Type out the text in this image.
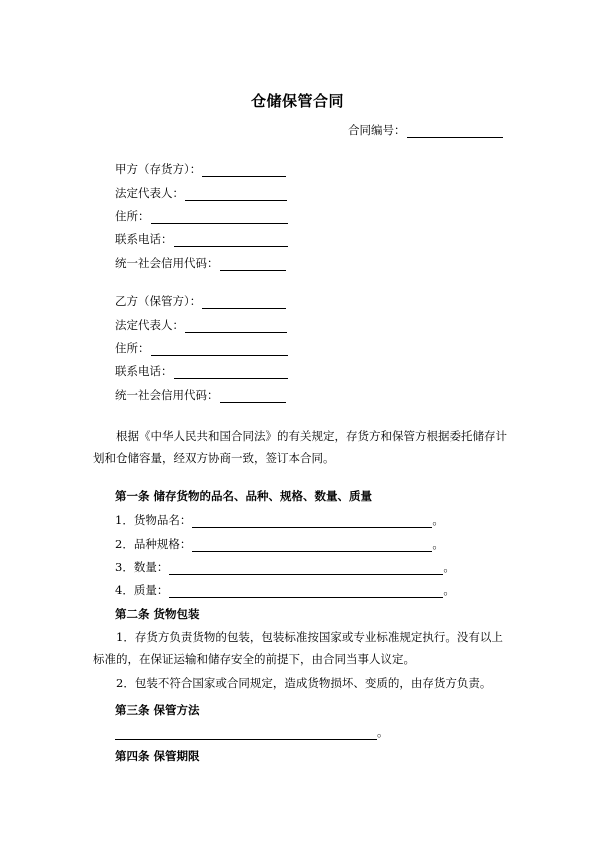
仓储保管合同
合同编号：
甲方（存货方）：
法定代表人：
住所：
联系电话：
统一社会信用代码：
乙方（保管方）：
法定代表人：
住所：
联系电话：
统一社会信用代码：
根据《中华人民共和国合同法》的有关规定，存货方和保管方根据委托储存计划和仓储容量，经双方协商一致，签订本合同。
第一条 储存货物的品名、品种、规格、数量、质量
1．货物品名：	。
2．品种规格：	。
3．数量：	。
4．质量：	。
第二条 货物包装
1．存货方负责货物的包装，包装标准按国家或专业标准规定执行。没有以上标准的，在保证运输和储存安全的前提下，由合同当事人议定。
2．包装不符合国家或合同规定，造成货物损坏、变质的，由存货方负责。
第三条 保管方法
。
第四条 保管期限
